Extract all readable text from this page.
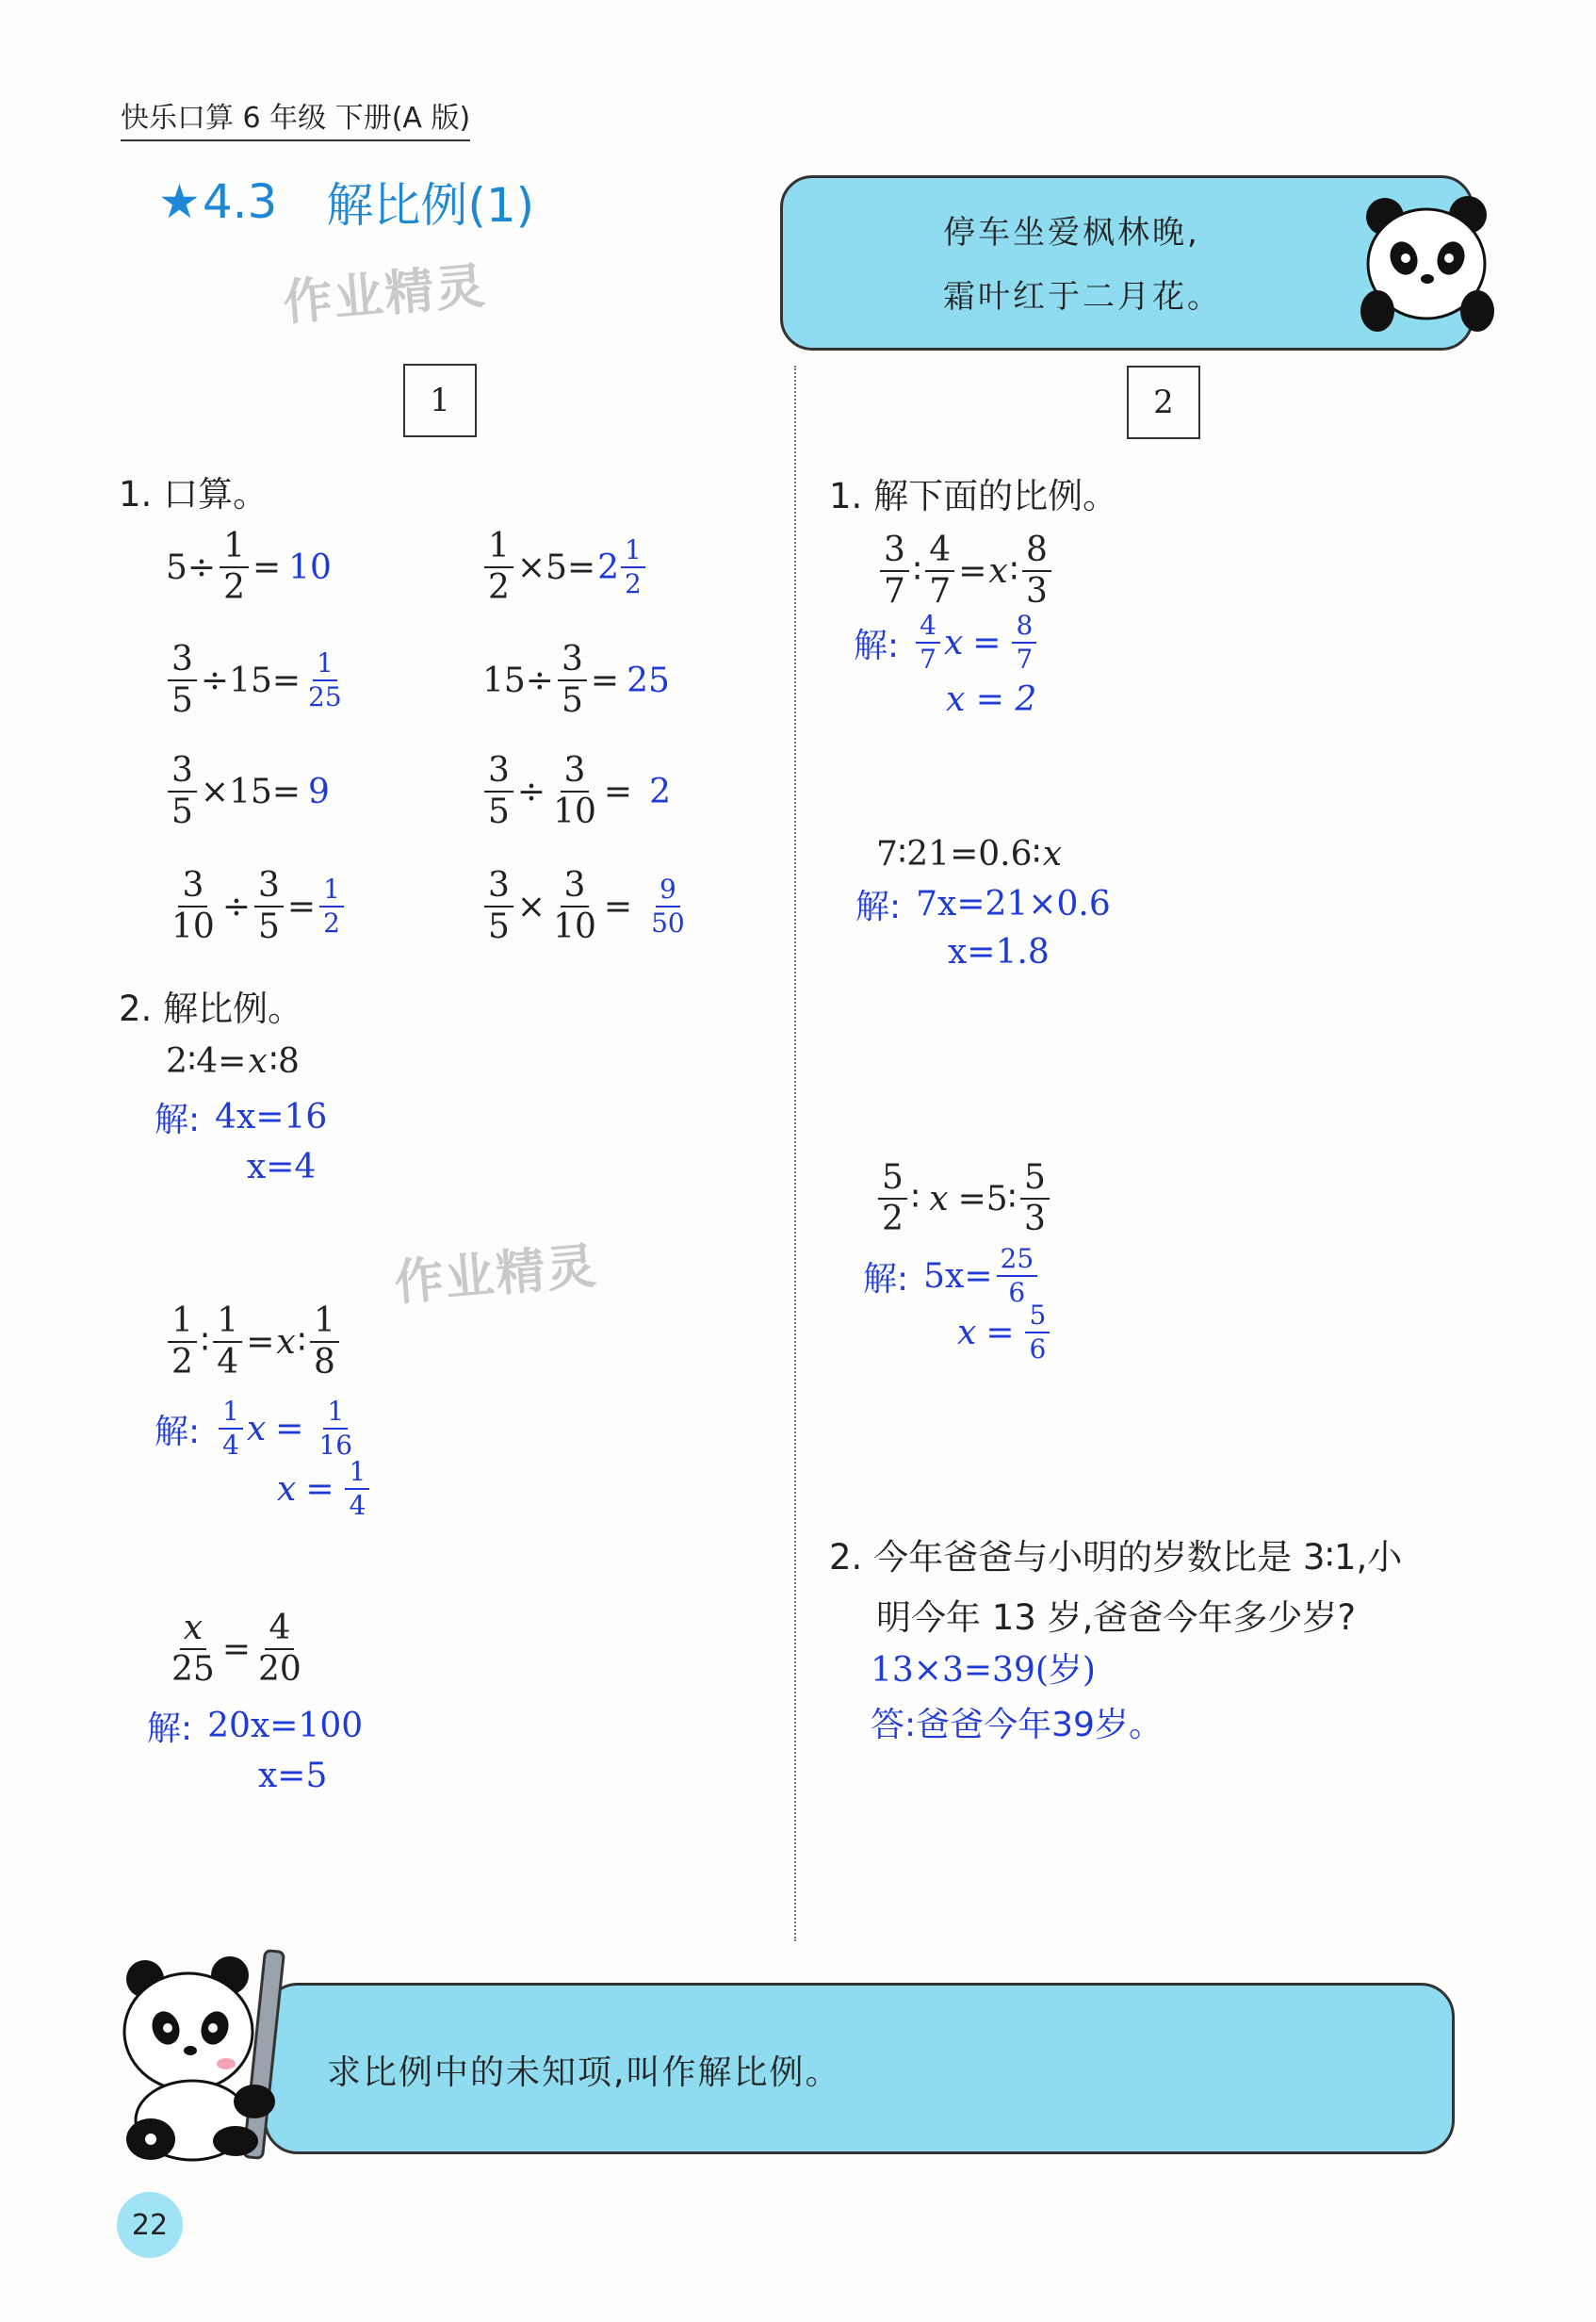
快乐口算 6 年级 下册(A 版)
★ 4.3 解比例(1)
作业精灵
作业精灵
停车坐爱枫林晚,
霜叶红于二月花。
1	2
1. 口算。
$5\div \frac{1}{2} = 10$	$\frac{1}{2} \times 5= 2 \frac{1}{2}$
$\frac{3}{5} \div 15= \frac{1}{25}$	$15\div \frac{3}{5} = 25$
$\frac{3}{5} \times 15= 9$	$\frac{3}{5} \div \frac{3}{10} = 2$
$\frac{3}{10} \div \frac{3}{5} = \frac{1}{2}$	$\frac{3}{5} \times \frac{3}{10} = \frac{9}{50}$
2. 解比例。
2∶4= x ∶8
解: 4x=16
x=4
$\frac{1}{2}$ ∶ $\frac{1}{4} = x$ ∶ $\frac{1}{8}$
解: $\frac{1}{4}$ $x = \frac{1}{16}$
$x = \frac{1}{4}$
$\frac{x}{25} = \frac{4}{20}$
解: 20x=100
x=5
1. 解下面的比例。
$\frac{3}{7}$ ∶ $\frac{4}{7} = x$ ∶ $\frac{8}{3}$
解: $\frac{4}{7}$ $x = \frac{8}{7}$
x = 2
7∶21=0.6∶ x
解: 7x=21×0.6
x=1.8
$\frac{5}{2}$ ∶ x =5∶ $\frac{5}{3}$
解: $5x= \frac{25}{6}$
$x = \frac{5}{6}$
2. 今年爸爸与小明的岁数比是 3∶1,小
明今年 13 岁,爸爸今年多少岁?
13×3=39(岁)
答:爸爸今年39岁。
求比例中的未知项,叫作解比例。
22
